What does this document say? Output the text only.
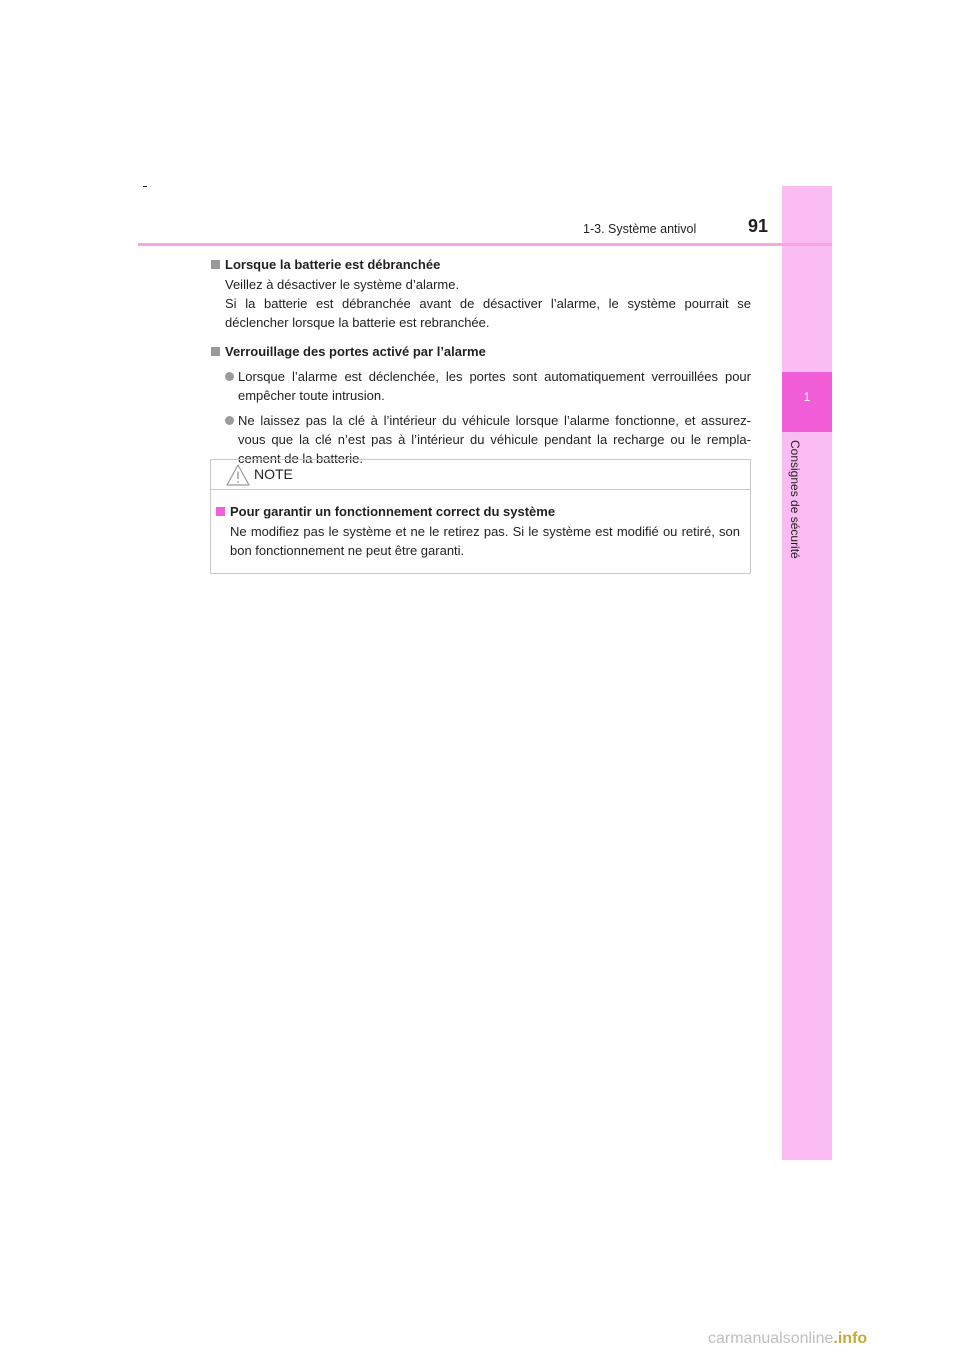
1
Consignes de sécurité
1-3. Système antivol	91
Lorsque la batterie est débranchée
Veillez à désactiver le système d’alarme.
Si la batterie est débranchée avant de désactiver l’alarme, le système pourrait se déclencher lorsque la batterie est rebranchée.
Verrouillage des portes activé par l’alarme
Lorsque l’alarme est déclenchée, les portes sont automatiquement verrouillées pour empêcher toute intrusion.
Ne laissez pas la clé à l’intérieur du véhicule lorsque l’alarme fonctionne, et assurez-vous que la clé n’est pas à l’intérieur du véhicule pendant la recharge ou le rempla-cement de la batterie.
NOTE
Pour garantir un fonctionnement correct du système
Ne modifiez pas le système et ne le retirez pas. Si le système est modifié ou retiré, son bon fonctionnement ne peut être garanti.
carmanualsonline.info
